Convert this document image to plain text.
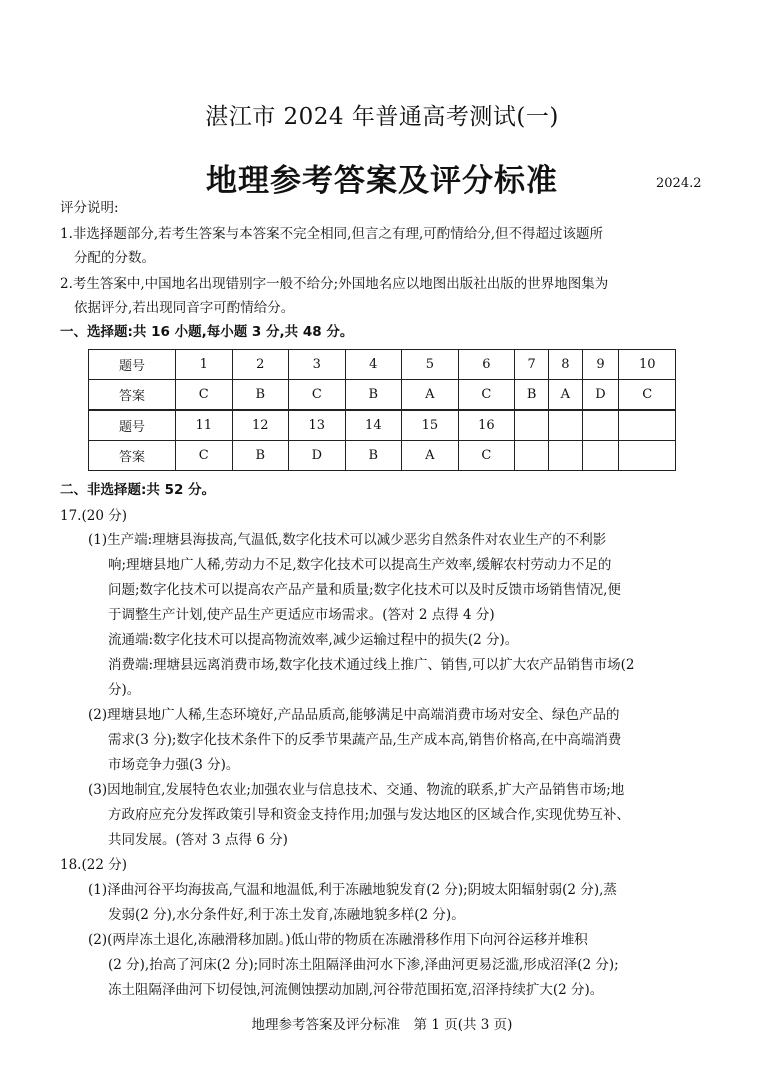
湛江市 2024 年普通高考测试(一)
地理参考答案及评分标准	2024.2
评分说明:
1.非选择题部分,若考生答案与本答案不完全相同,但言之有理,可酌情给分,但不得超过该题所
分配的分数。
2.考生答案中,中国地名出现错别字一般不给分;外国地名应以地图出版社出版的世界地图集为
依据评分,若出现同音字可酌情给分。
一、选择题:共 16 小题,每小题 3 分,共 48 分。
题号	1	2	3	4	5	6	7	8	9	10
答案	C	B	C	B	A	C	B	A	D	C
题号	11	12	13	14	15	16				
答案	C	B	D	B	A	C				
二、非选择题:共 52 分。
17.(20 分)
(1)生产端:理塘县海拔高,气温低,数字化技术可以减少恶劣自然条件对农业生产的不利影
响;理塘县地广人稀,劳动力不足,数字化技术可以提高生产效率,缓解农村劳动力不足的
问题;数字化技术可以提高农产品产量和质量;数字化技术可以及时反馈市场销售情况,便
于调整生产计划,使产品生产更适应市场需求。(答对 2 点得 4 分)
流通端:数字化技术可以提高物流效率,减少运输过程中的损失(2 分)。
消费端:理塘县远离消费市场,数字化技术通过线上推广、销售,可以扩大农产品销售市场(2
分)。
(2)理塘县地广人稀,生态环境好,产品品质高,能够满足中高端消费市场对安全、绿色产品的
需求(3 分);数字化技术条件下的反季节果蔬产品,生产成本高,销售价格高,在中高端消费
市场竞争力强(3 分)。
(3)因地制宜,发展特色农业;加强农业与信息技术、交通、物流的联系,扩大产品销售市场;地
方政府应充分发挥政策引导和资金支持作用;加强与发达地区的区域合作,实现优势互补、
共同发展。(答对 3 点得 6 分)
18.(22 分)
(1)泽曲河谷平均海拔高,气温和地温低,利于冻融地貌发育(2 分);阴坡太阳辐射弱(2 分),蒸
发弱(2 分),水分条件好,利于冻土发育,冻融地貌多样(2 分)。
(2)(两岸冻土退化,冻融滑移加剧。)低山带的物质在冻融滑移作用下向河谷运移并堆积
(2 分),抬高了河床(2 分);同时冻土阻隔泽曲河水下渗,泽曲河更易泛滥,形成沼泽(2 分);
冻土阻隔泽曲河下切侵蚀,河流侧蚀摆动加剧,河谷带范围拓宽,沼泽持续扩大(2 分)。
地理参考答案及评分标准　第 1 页(共 3 页)
